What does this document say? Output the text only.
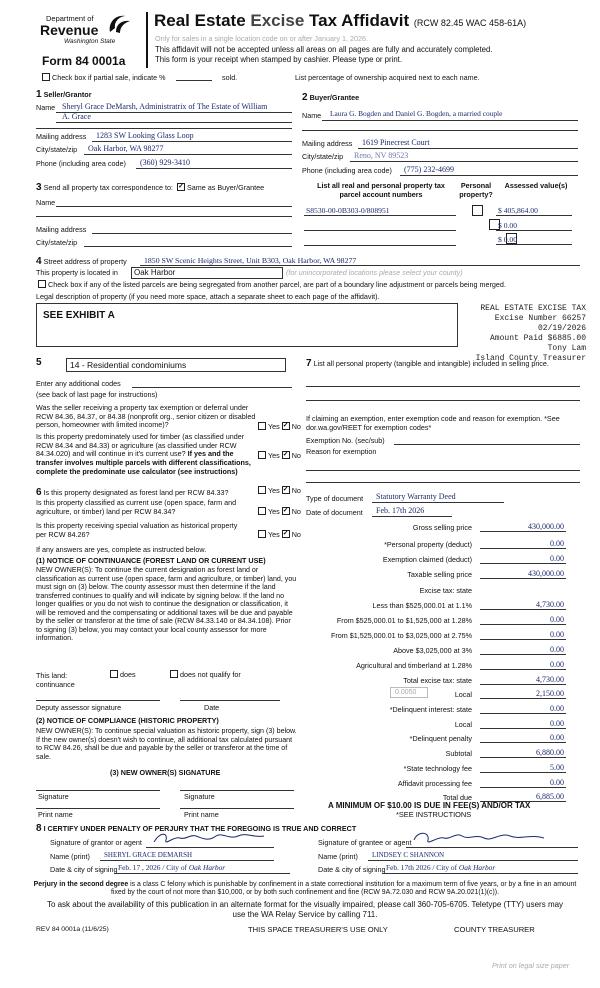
Department of
Revenue
Washington State
Form 84 0001a
Real Estate Excise Tax Affidavit (RCW 82.45 WAC 458-61A)
Only for sales in a single location code on or after January 1, 2026.
This affidavit will not be accepted unless all areas on all pages are fully and accurately completed.
This form is your receipt when stamped by cashier. Please type or print.
Check box if partial sale, indicate %	sold.	List percentage of ownership acquired next to each name.
1 Seller/Grantor
Name Sheryl Grace DeMarsh, Administratrix of The Estate of William
A. Grace
Mailing address 1283 SW Looking Glass Loop
City/state/zip Oak Harbor, WA 98277
Phone (including area code) (360) 929-3410
2 Buyer/Grantee
Name Laura G. Bogden and Daniel G. Bogden, a married couple
Mailing address 1619 Pinecrest Court
City/state/zip Reno, NV 89523
Phone (including area code) (775) 232-4699
3 Send all property tax correspondence to: ✓ Same as Buyer/Grantee
Name
Mailing address
City/state/zip
List all real and personal property tax parcel account numbers
Personal property?
Assessed value(s)
S8530-00-0B303-0/808951
	$ 405,864.00

$ 0.00
$ 0.00
4 Street address of property 1850 SW Scenic Heights Street, Unit B303, Oak Harbor, WA 98277
This property is located in	Oak Harbor	(for unincorporated locations please select your county)
Check box if any of the listed parcels are being segregated from another parcel, are part of a boundary line adjustment or parcels being merged.
Legal description of property (if you need more space, attach a separate sheet to each page of the affidavit).
SEE EXHIBIT A
REAL ESTATE EXCISE TAX
Excise Number 66257
02/19/2026
Amount Paid $6885.00
Tony Lam
Island County Treasurer
5	14 - Residential condominiums
Enter any additional codes
(see back of last page for instructions)
Was the seller receiving a property tax exemption or deferral under RCW 84.36, 84.37, or 84.38 (nonprofit org., senior citizen or disabled person, homeowner with limited income)?	Yes ✓ No
Is this property predominately used for timber (as classified under RCW 84.34 and 84.33) or agriculture (as classified under RCW 84.34.020) and will continue in it's current use? If yes and the transfer involves multiple parcels with different classifications, complete the predominate use calculator (see instructions)
Yes ✓ No
7 List all personal property (tangible and intangible) included in selling price.
If claiming an exemption, enter exemption code and reason for exemption. *See dor.wa.gov/REET for exemption codes*
Exemption No. (sec/sub)
Reason for exemption
6 Is this property designated as forest land per RCW 84.33?	Yes ✓ No
Is this property classified as current use (open space, farm and agriculture, or timber) land per RCW 84.34?	Yes ✓ No
Is this property receiving special valuation as historical property per RCW 84.26?	Yes ✓ No
If any answers are yes, complete as instructed below.
(1) NOTICE OF CONTINUANCE (FOREST LAND OR CURRENT USE)
NEW OWNER(S): To continue the current designation as forest land or classification as current use (open space, farm and agriculture, or timber) land, you must sign on (3) below. The county assessor must then determine if the land transferred continues to qualify and will indicate by signing below. If the land no longer qualifies or you do not wish to continue the designation or classification, it will be removed and the compensating or additional taxes will be due and payable by the seller or transferor at the time of sale (RCW 84.33.140 or 84.34.108). Prior to signing (3) below, you may contact your local county assessor for more information.
This land:	does	does not qualify for
continuance
Deputy assessor signature	Date
(2) NOTICE OF COMPLIANCE (HISTORIC PROPERTY)
NEW OWNER(S): To continue special valuation as historic property, sign (3) below. If the new owner(s) doesn't wish to continue, all additional tax calculated pursuant to RCW 84.26, shall be due and payable by the seller or transferor at the time of sale.
(3) NEW OWNER(S) SIGNATURE
Signature	Signature
Print name	Print name
Type of document Statutory Warranty Deed
Date of document Feb. 17th 2026
Gross selling price	430,000.00
*Personal property (deduct)	0.00
Exemption claimed (deduct)	0.00
Taxable selling price	430,000.00
Excise tax: state
Less than $525,000.01 at 1.1%	4,730.00
From $525,000.01 to $1,525,000 at 1.28%	0.00
From $1,525,000.01 to $3,025,000 at 2.75%	0.00
Above $3,025,000 at 3%	0.00
Agricultural and timberland at 1.28%	0.00
Total excise tax: state	4,730.00
Local	2,150.00
*Delinquent interest: state	0.00
Local	0.00
*Delinquent penalty	0.00
Subtotal	6,880.00
*State technology fee	5.00
Affidavit processing fee	0.00
Total due	6,885.00
0.0050
A MINIMUM OF $10.00 IS DUE IN FEE(S) AND/OR TAX
*SEE INSTRUCTIONS
8 I CERTIFY UNDER PENALTY OF PERJURY THAT THE FOREGOING IS TRUE AND CORRECT
Signature of grantor or agent	Signature of grantee or agent
Name (print) SHERYL GRACE DEMARSH	Name (print) LINDSEY C SHANNON
Date & city of signing Feb. 17 , 2026 / City of Oak Harbor	Date & city of signing Feb. 17th 2026 / City of Oak Harbor
Perjury in the second degree is a class C felony which is punishable by confinement in a state correctional institution for a maximum term of five years, or by a fine in an amount fixed by the court of not more than $10,000, or by both such confinement and fine (RCW 9A.72.030 and RCW 9A.20.021(1)(c)).
To ask about the availability of this publication in an alternate format for the visually impaired, please call 360-705-6705. Teletype (TTY) users may use the WA Relay Service by calling 711.
REV 84 0001a (11/6/25)	THIS SPACE TREASURER'S USE ONLY	COUNTY TREASURER
Print on legal size paper
